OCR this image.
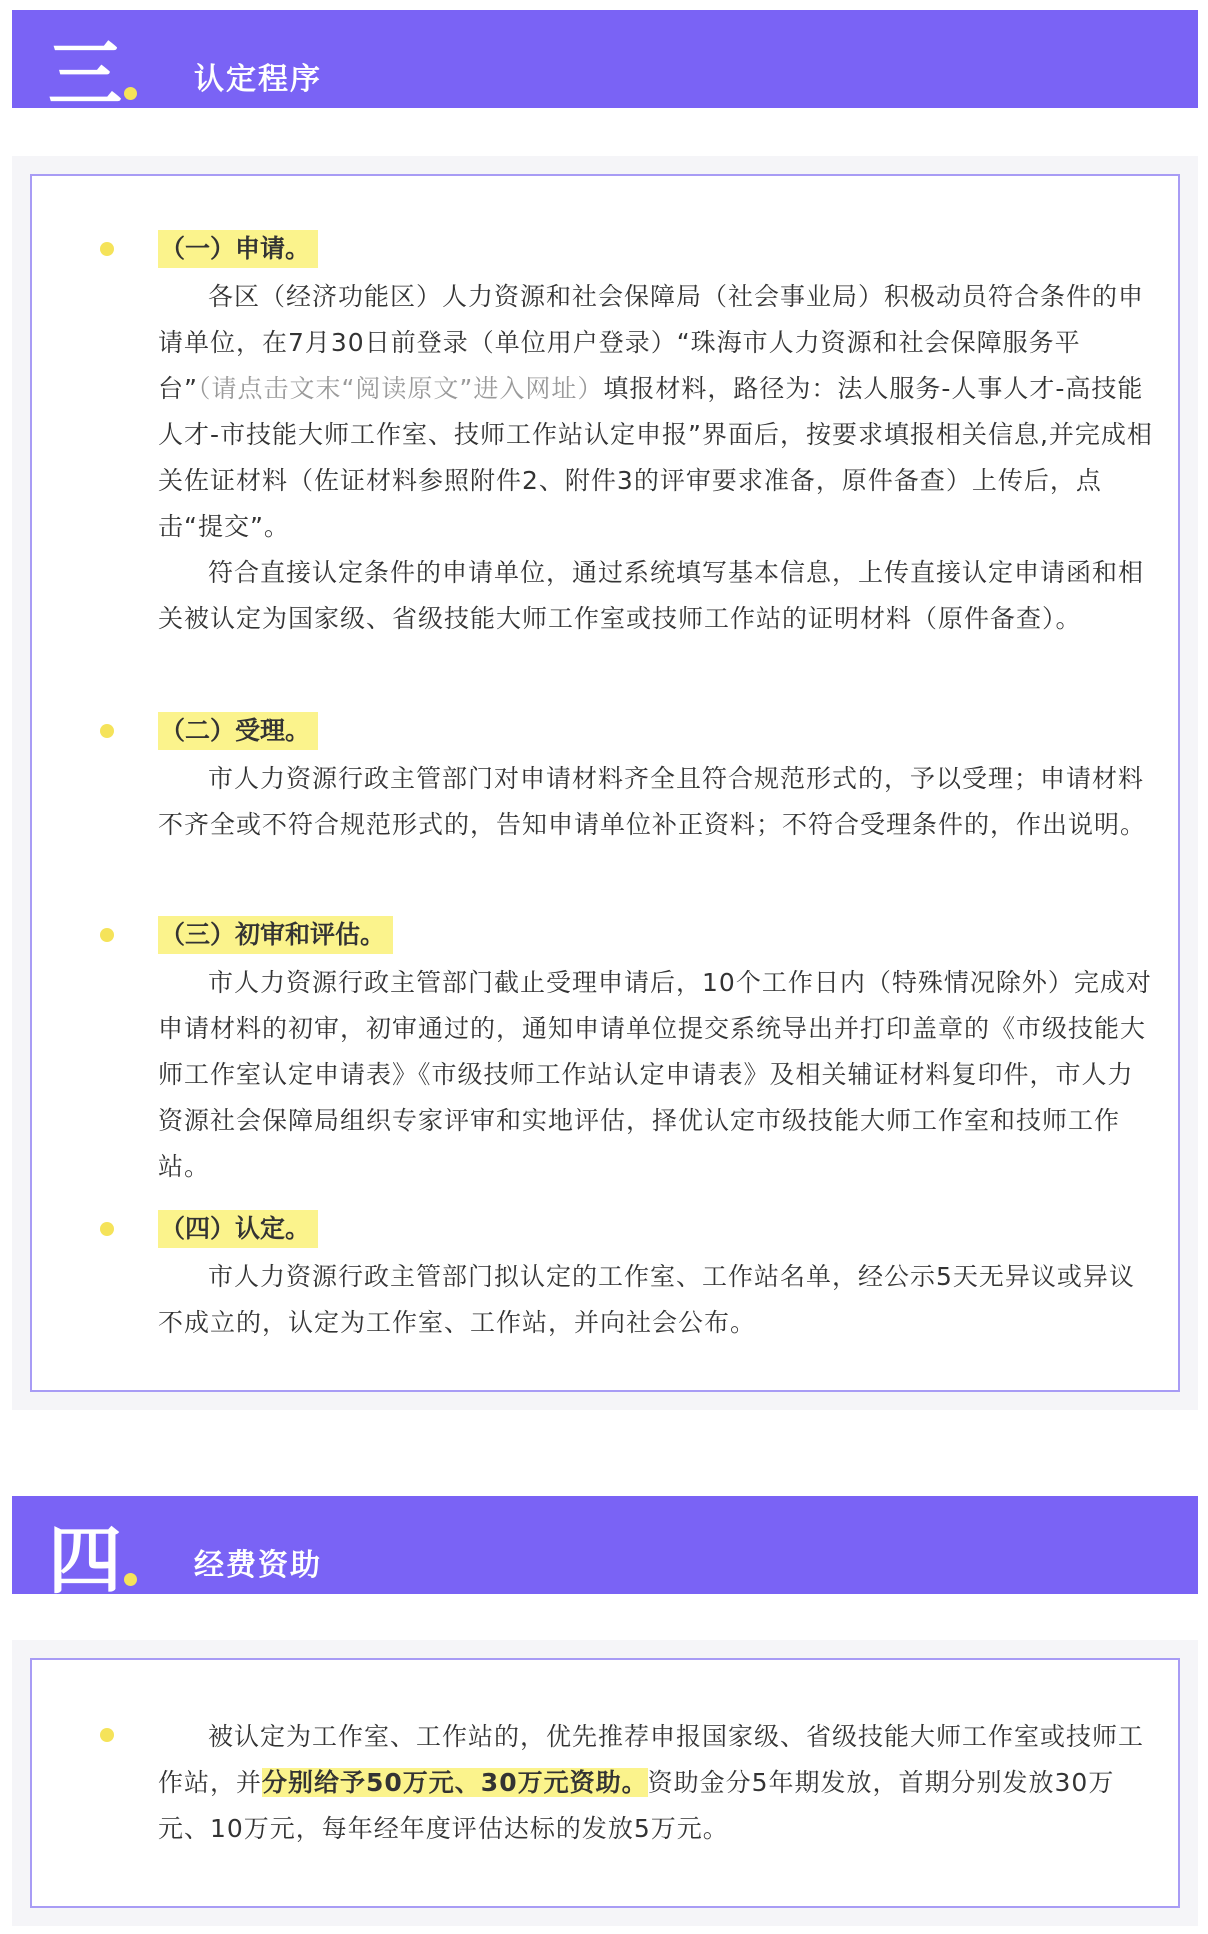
三 认定程序
（一）申请。

各区（经济功能区）人力资源和社会保障局（社会事业局）积极动员符合条件的申请单位，在7月30日前登录（单位用户登录）“珠海市人力资源和社会保障服务平台”（请点击文末“阅读原文”进入网址）填报材料，路径为：法人服务-人事人才-高技能人才-市技能大师工作室、技师工作站认定申报”界面后，按要求填报相关信息,并完成相关佐证材料（佐证材料参照附件2、附件3的评审要求准备，原件备查）上传后，点击“提交”。

符合直接认定条件的申请单位，通过系统填写基本信息，上传直接认定申请函和相关被认定为国家级、省级技能大师工作室或技师工作站的证明材料（原件备查）。

（二）受理。

市人力资源行政主管部门对申请材料齐全且符合规范形式的，予以受理；申请材料不齐全或不符合规范形式的，告知申请单位补正资料；不符合受理条件的，作出说明。

（三）初审和评估。

市人力资源行政主管部门截止受理申请后，10个工作日内（特殊情况除外）完成对申请材料的初审，初审通过的，通知申请单位提交系统导出并打印盖章的《市级技能大师工作室认定申请表》《市级技师工作站认定申请表》及相关辅证材料复印件，市人力资源社会保障局组织专家评审和实地评估，择优认定市级技能大师工作室和技师工作站。

（四）认定。

市人力资源行政主管部门拟认定的工作室、工作站名单，经公示5天无异议或异议不成立的，认定为工作室、工作站，并向社会公布。

四 经费资助

被认定为工作室、工作站的，优先推荐申报国家级、省级技能大师工作室或技师工作站，并分别给予50万元、30万元资助。资助金分5年期发放，首期分别发放30万元、10万元，每年经年度评估达标的发放5万元。
